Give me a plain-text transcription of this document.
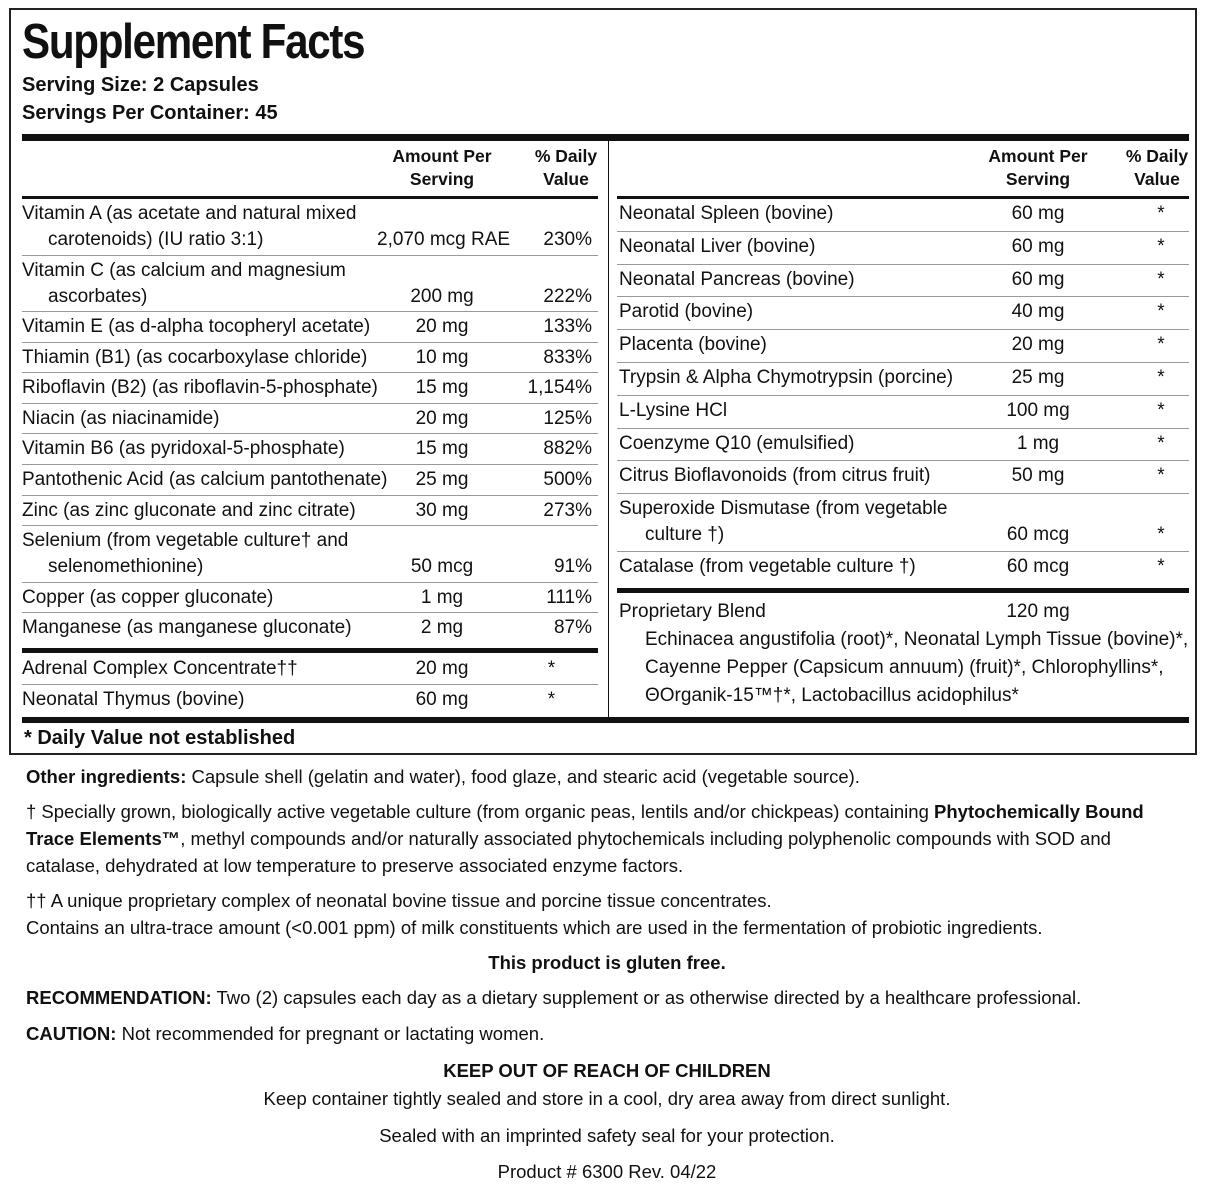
Supplement Facts
Serving Size: 2 Capsules
Servings Per Container: 45
Amount Per
Serving
% Daily
Value
Amount Per
Serving
% Daily
Value
Proprietary Blend	120 mg
Echinacea angustifolia (root)*, Neonatal Lymph Tissue (bovine)*,
Cayenne Pepper (Capsicum annuum) (fruit)*, Chlorophyllins*,
ΘOrganik-15™†*, Lactobacillus acidophilus*
* Daily Value not established
Vitamin A (as acetate and natural mixed
carotenoids) (IU ratio 3:1)	2,070 mcg RAE	230%
Vitamin C (as calcium and magnesium
ascorbates)	200 mg	222%
Vitamin E (as d-alpha tocopheryl acetate)	20 mg	133%
Thiamin (B1) (as cocarboxylase chloride)	10 mg	833%
Riboflavin (B2) (as riboflavin-5-phosphate)	15 mg	1,154%
Niacin (as niacinamide)	20 mg	125%
Vitamin B6 (as pyridoxal-5-phosphate)	15 mg	882%
Pantothenic Acid (as calcium pantothenate)	25 mg	500%
Zinc (as zinc gluconate and zinc citrate)	30 mg	273%
Selenium (from vegetable culture† and
selenomethionine)	50 mcg	91%
Copper (as copper gluconate)	1 mg	111%
Manganese (as manganese gluconate)	2 mg	87%
Adrenal Complex Concentrate††	20 mg	*
Neonatal Thymus (bovine)	60 mg	*
Neonatal Spleen (bovine)	60 mg	*
Neonatal Liver (bovine)	60 mg	*
Neonatal Pancreas (bovine)	60 mg	*
Parotid (bovine)	40 mg	*
Placenta (bovine)	20 mg	*
Trypsin & Alpha Chymotrypsin (porcine)	25 mg	*
L-Lysine HCl	100 mg	*
Coenzyme Q10 (emulsified)	1 mg	*
Citrus Bioflavonoids (from citrus fruit)	50 mg	*
Superoxide Dismutase (from vegetable
culture †)	60 mcg	*
Catalase (from vegetable culture †)	60 mcg	*
Other ingredients: Capsule shell (gelatin and water), food glaze, and stearic acid (vegetable source).
† Specially grown, biologically active vegetable culture (from organic peas, lentils and/or chickpeas) containing Phytochemically Bound
Trace Elements™, methyl compounds and/or naturally associated phytochemicals including polyphenolic compounds with SOD and
catalase, dehydrated at low temperature to preserve associated enzyme factors.
†† A unique proprietary complex of neonatal bovine tissue and porcine tissue concentrates.
Contains an ultra-trace amount (<0.001 ppm) of milk constituents which are used in the fermentation of probiotic ingredients.
This product is gluten free.
RECOMMENDATION: Two (2) capsules each day as a dietary supplement or as otherwise directed by a healthcare professional.
CAUTION: Not recommended for pregnant or lactating women.
KEEP OUT OF REACH OF CHILDREN
Keep container tightly sealed and store in a cool, dry area away from direct sunlight.
Sealed with an imprinted safety seal for your protection.
Product # 6300 Rev. 04/22
